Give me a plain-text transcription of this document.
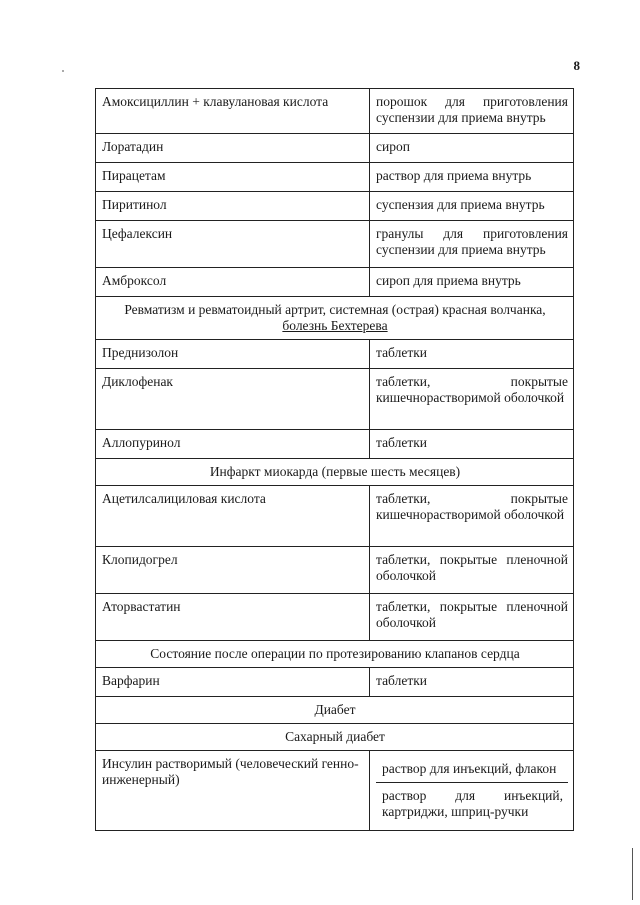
8
Амоксициллин + клавулановая кислота	порошок для приготовления суспензии для приема внутрь
Лоратадин	сироп
Пирацетам	раствор для приема внутрь
Пиритинол	суспензия для приема внутрь
Цефалексин	гранулы для приготовления суспензии для приема внутрь
Амброксол	сироп для приема внутрь

Ревматизм и ревматоидный артрит, системная (острая) красная волчанка,
болезнь Бехтерева	

Преднизолон	таблетки
Диклофенак	таблетки, покрытые кишечнорастворимой оболочкой
Аллопуринол	таблетки
Инфаркт миокарда (первые шесть месяцев)	
Ацетилсалициловая кислота	таблетки, покрытые кишечнорастворимой оболочкой
Клопидогрел	таблетки, покрытые пленочной оболочкой
Аторвастатин	таблетки, покрытые пленочной оболочкой
Состояние после операции по протезированию клапанов сердца	
Варфарин	таблетки
Диабет	
Сахарный диабет	
Инсулин растворимый (человеческий генно-инженерный)	раствор для инъекций, флакон
раствор для инъекций, картриджи, шприц-ручки
